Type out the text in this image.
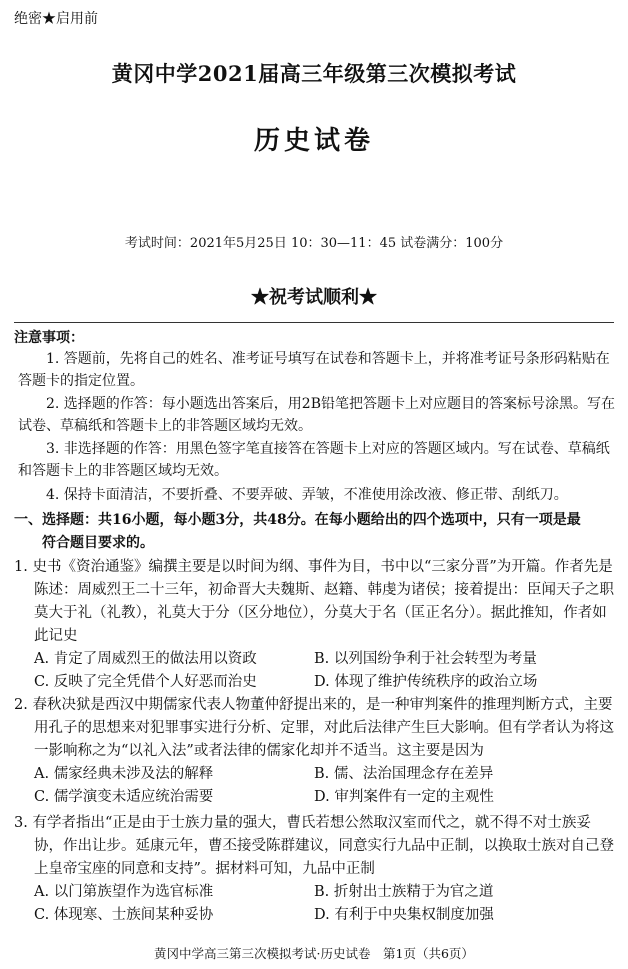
绝密★启用前
黄冈中学2021届高三年级第三次模拟考试
历史试卷
考试时间：2021年5月25日 10：30—11：45 试卷满分：100分
★祝考试顺利★
注意事项：
1. 答题前，先将自己的姓名、准考证号填写在试卷和答题卡上，并将准考证号条形码粘贴在答题卡的指定位置。
2. 选择题的作答：每小题选出答案后，用2B铅笔把答题卡上对应题目的答案标号涂黑。写在试卷、草稿纸和答题卡上的非答题区域均无效。
3. 非选择题的作答：用黑色签字笔直接答在答题卡上对应的答题区域内。写在试卷、草稿纸和答题卡上的非答题区域均无效。
4. 保持卡面清洁，不要折叠、不要弄破、弄皱，不准使用涂改液、修正带、刮纸刀。
一、选择题：共16小题，每小题3分，共48分。在每小题给出的四个选项中，只有一项是最
符合题目要求的。
1. 史书《资治通鉴》编撰主要是以时间为纲、事件为目，书中以“三家分晋”为开篇。作者先是陈述：周威烈王二十三年，初命晋大夫魏斯、赵籍、韩虔为诸侯；接着提出：臣闻天子之职莫大于礼（礼教），礼莫大于分（区分地位），分莫大于名（匡正名分）。据此推知，作者如此记史
A. 肯定了周威烈王的做法用以资政	B. 以列国纷争利于社会转型为考量
C. 反映了完全凭借个人好恶而治史	D. 体现了维护传统秩序的政治立场
2. 春秋决狱是西汉中期儒家代表人物董仲舒提出来的，是一种审判案件的推理判断方式，主要用孔子的思想来对犯罪事实进行分析、定罪，对此后法律产生巨大影响。但有学者认为将这一影响称之为“以礼入法”或者法律的儒家化却并不适当。这主要是因为
A. 儒家经典未涉及法的解释	B. 儒、法治国理念存在差异
C. 儒学演变未适应统治需要	D. 审判案件有一定的主观性
3. 有学者指出“正是由于士族力量的强大，曹氏若想公然取汉室而代之，就不得不对士族妥协，作出让步。延康元年，曹丕接受陈群建议，同意实行九品中正制，以换取士族对自己登上皇帝宝座的同意和支持”。据材料可知，九品中正制
A. 以门第族望作为选官标准	B. 折射出士族精于为官之道
C. 体现寒、士族间某种妥协	D. 有利于中央集权制度加强
黄冈中学高三第三次模拟考试·历史试卷　第1页（共6页）
